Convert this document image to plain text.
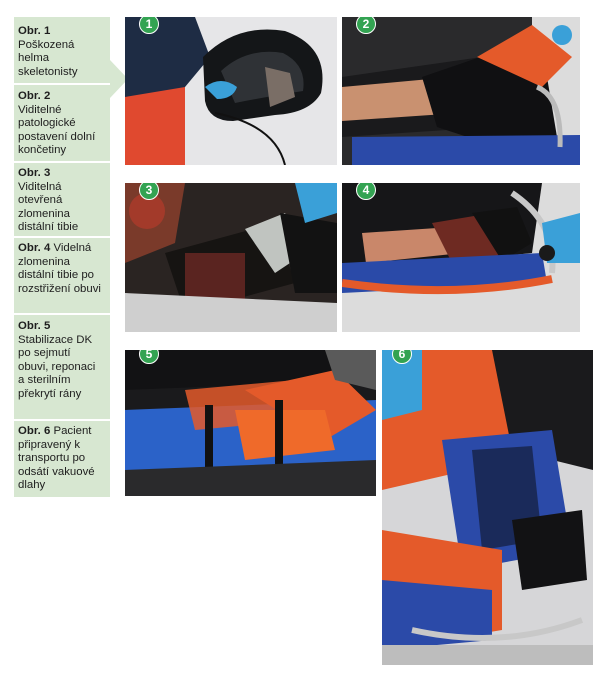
Obr. 1
Poškozená helma skeletonisty
Obr. 2
Viditelné patologické postavení dolní končetiny
Obr. 3
Viditelná otevřená zlomenina distální tibie
Obr. 4 Videlná zlomenina distální tibie po rozstřižení obuvi
Obr. 5
Stabilizace DK po sejmutí obuvi, reponaci a sterilním překrytí rány
Obr. 6 Pacient připravený k transportu po odsátí vakuové dlahy
1	2
3	4
5	6
